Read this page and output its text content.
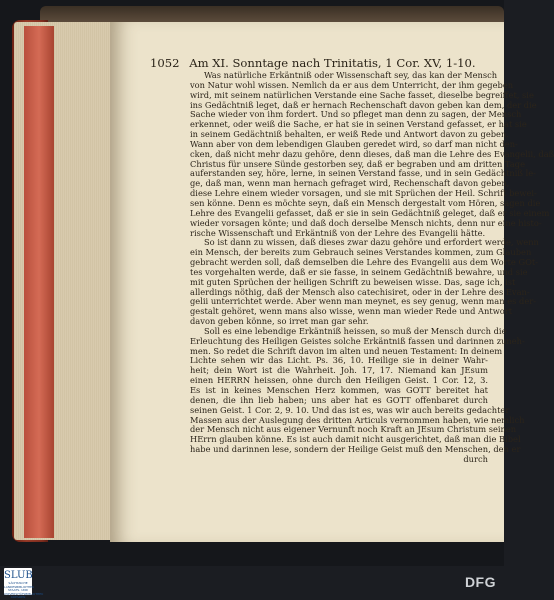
1052 Am XI. Sonntage nach Trinitatis, 1 Cor. XV, 1-10.
Was natürliche Erkäntniß oder Wissenschaft sey, das kan der Mensch
von Natur wohl wissen. Nemlich da er aus dem Unterricht, der ihm gegeben
wird, mit seinem natürlichen Verstande eine Sache fasset, dieselbe begreiffet, sie
ins Gedächtniß leget, daß er hernach Rechenschaft davon geben kan dem, der die
Sache wieder von ihm fordert. Und so pfleget man denn zu sagen, der Mensch
erkennet, oder weiß die Sache, er hat sie in seinen Verstand gefasset, er hat sie
in seinem Gedächtniß behalten, er weiß Rede und Antwort davon zu geben.
Wann aber von dem lebendigen Glauben geredet wird, so darf man nicht den-
cken, daß nicht mehr dazu gehöre, denn dieses, daß man die Lehre des Evangelii, daß
Christus für unsere Sünde gestorben sey, daß er begraben und am dritten Tage
auferstanden sey, höre, lerne, in seinen Verstand fasse, und in sein Gedächtniß le-
ge, daß man, wenn man hernach gefraget wird, Rechenschaft davon geben,
diese Lehre einem wieder vorsagen, und sie mit Sprüchen der Heil. Schrift bewei-
sen könne. Denn es möchte seyn, daß ein Mensch dergestalt vom Hören, sagen die
Lehre des Evangelii gefasset, daß er sie in sein Gedächtniß geleget, daß er sie einem
wieder vorsagen könte; und daß doch derselbe Mensch nichts, denn nur eine histo-
rische Wissenschaft und Erkäntniß von der Lehre des Evangelii hätte.
So ist dann zu wissen, daß dieses zwar dazu gehöre und erfordert werde, wenn
ein Mensch, der bereits zum Gebrauch seines Verstandes kommen, zum Glauben
gebracht werden soll, daß demselben die Lehre des Evangelii aus dem Worte GOt-
tes vorgehalten werde, daß er sie fasse, in seinem Gedächtniß bewahre, und sie
mit guten Sprüchen der heiligen Schrift zu beweisen wisse. Das, sage ich, ist
allerdings nöthig, daß der Mensch also catechisiret, oder in der Lehre des Evan-
gelii unterrichtet werde. Aber wenn man meynet, es sey genug, wenn man es der-
gestalt gehöret, wenn mans also wisse, wenn man wieder Rede und Antwort
davon geben könne, so irret man gar sehr.
Soll es eine lebendige Erkäntniß heissen, so muß der Mensch durch die
Erleuchtung des Heiligen Geistes solche Erkäntniß fassen und darinnen zuneh-
men. So redet die Schrift davon im alten und neuen Testament: In deinem
Lichte sehen wir das Licht. Ps. 36, 10. Heilige sie in deiner Wahr-
heit; dein Wort ist die Wahrheit. Joh. 17, 17. Niemand kan JEsum
einen HERRN heissen, ohne durch den Heiligen Geist. 1 Cor. 12, 3.
Es ist in keines Menschen Herz kommen, was GOTT bereitet hat
denen, die ihn lieb haben; uns aber hat es GOTT offenbaret durch
seinen Geist. 1 Cor. 2, 9. 10. Und das ist es, was wir auch bereits gedachter
Massen aus der Auslegung des dritten Articuls vernommen haben, wie nemlich
der Mensch nicht aus eigener Vernunft noch Kraft an JEsum Christum seinen
HErrn glauben könne. Es ist auch damit nicht ausgerichtet, daß man die Bibel
habe und darinnen lese, sondern der Heilige Geist muß den Menschen, den er
durch
SLUB
SÄCHSISCHE LANDESBIBLIOTHEK STAATS- UND UNIVERSITÄTSBIBLIOTHEK DRESDEN
DFG
